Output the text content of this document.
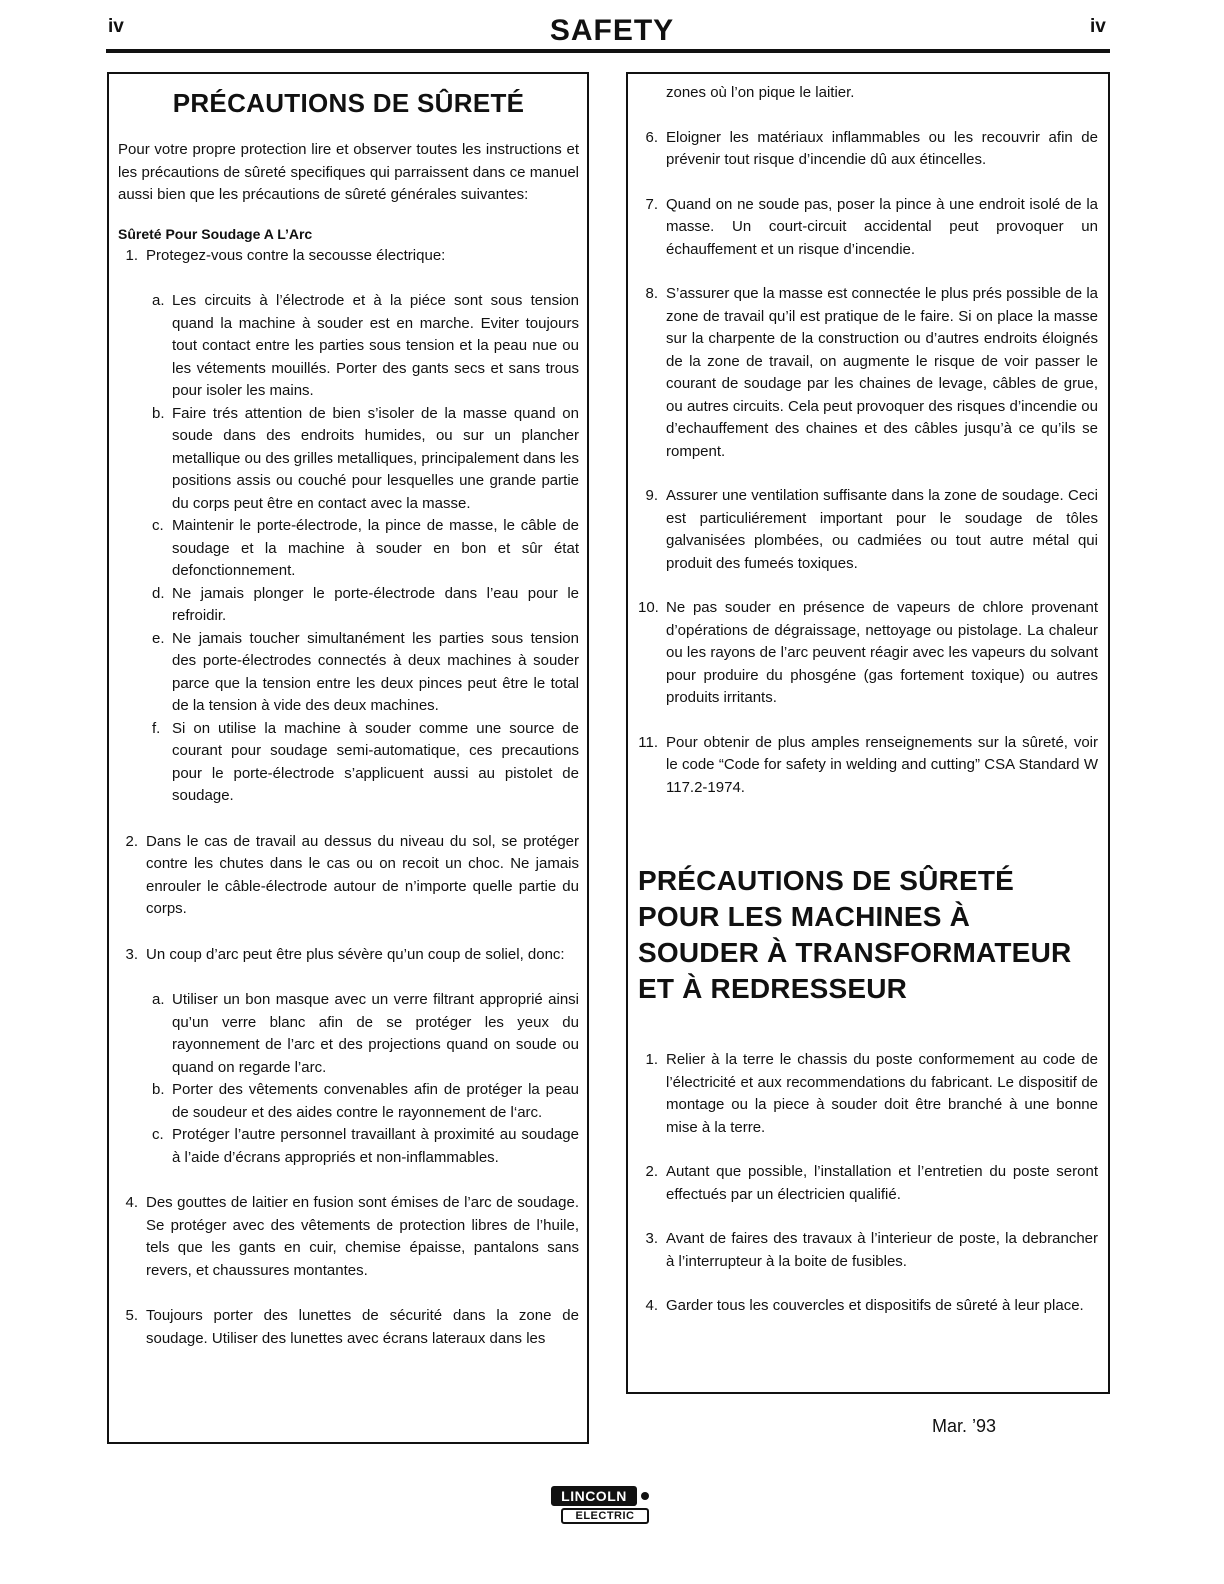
iv	SAFETY	iv
PRÉCAUTIONS DE SÛRETÉ

Pour votre propre protection lire et observer toutes les instructions et les précautions de sûreté specifiques qui parraissent dans ce manuel aussi bien que les précautions de sûreté générales suivantes:

Sûreté Pour Soudage A L’Arc
1. Protegez-vous contre la secousse électrique:
a. Les circuits à l’électrode et à la piéce sont sous tension quand la machine à souder est en marche. Eviter toujours tout contact entre les parties sous tension et la peau nue ou les vétements mouillés. Porter des gants secs et sans trous pour isoler les mains.
b. Faire trés attention de bien s’isoler de la masse quand on soude dans des endroits humides, ou sur un plancher metallique ou des grilles metalliques, principalement dans les positions assis ou couché pour lesquelles une grande partie du corps peut être en contact avec la masse.
c. Maintenir le porte-électrode, la pince de masse, le câble de soudage et la machine à souder en bon et sûr état defonctionnement.
d. Ne jamais plonger le porte-électrode dans l’eau pour le refroidir.
e. Ne jamais toucher simultanément les parties sous tension des porte-électrodes connectés à deux machines à souder parce que la tension entre les deux pinces peut être le total de la tension à vide des deux machines.
f. Si on utilise la machine à souder comme une source de courant pour soudage semi-automatique, ces precautions pour le porte-électrode s’applicuent aussi au pistolet de soudage.
2. Dans le cas de travail au dessus du niveau du sol, se protéger contre les chutes dans le cas ou on recoit un choc. Ne jamais enrouler le câble-électrode autour de n’importe quelle partie du corps.
3. Un coup d’arc peut être plus sévère qu’un coup de soliel, donc:
a. Utiliser un bon masque avec un verre filtrant approprié ainsi qu’un verre blanc afin de se protéger les yeux du rayonnement de l’arc et des projections quand on soude ou quand on regarde l’arc.
b. Porter des vêtements convenables afin de protéger la peau de soudeur et des aides contre le rayonnement de l‘arc.
c. Protéger l’autre personnel travaillant à proximité au soudage à l’aide d’écrans appropriés et non-inflammables.
4. Des gouttes de laitier en fusion sont émises de l’arc de soudage. Se protéger avec des vêtements de protection libres de l’huile, tels que les gants en cuir, chemise épaisse, pantalons sans revers, et chaussures montantes.
5. Toujours porter des lunettes de sécurité dans la zone de soudage. Utiliser des lunettes avec écrans lateraux dans les
zones où l’on pique le laitier.
6. Eloigner les matériaux inflammables ou les recouvrir afin de prévenir tout risque d’incendie dû aux étincelles.
7. Quand on ne soude pas, poser la pince à une endroit isolé de la masse. Un court-circuit accidental peut provoquer un échauffement et un risque d’incendie.
8. S’assurer que la masse est connectée le plus prés possible de la zone de travail qu’il est pratique de le faire. Si on place la masse sur la charpente de la construction ou d’autres endroits éloignés de la zone de travail, on augmente le risque de voir passer le courant de soudage par les chaines de levage, câbles de grue, ou autres circuits. Cela peut provoquer des risques d’incendie ou d’echauffement des chaines et des câbles jusqu’à ce qu’ils se rompent.
9. Assurer une ventilation suffisante dans la zone de soudage. Ceci est particuliérement important pour le soudage de tôles galvanisées plombées, ou cadmiées ou tout autre métal qui produit des fumeés toxiques.
10. Ne pas souder en présence de vapeurs de chlore provenant d’opérations de dégraissage, nettoyage ou pistolage. La chaleur ou les rayons de l’arc peuvent réagir avec les vapeurs du solvant pour produire du phosgéne (gas fortement toxique) ou autres produits irritants.
11. Pour obtenir de plus amples renseignements sur la sûreté, voir le code “Code for safety in welding and cutting” CSA Standard W 117.2-1974.
PRÉCAUTIONS DE SÛRETÉ POUR LES MACHINES À SOUDER À TRANSFORMATEUR ET À REDRESSEUR
1. Relier à la terre le chassis du poste conformement au code de l’électricité et aux recommendations du fabricant. Le dispositif de montage ou la piece à souder doit être branché à une bonne mise à la terre.
2. Autant que possible, l’installation et l’entretien du poste seront effectués par un électricien qualifié.
3. Avant de faires des travaux à l’interieur de poste, la debrancher à l’interrupteur à la boite de fusibles.
4. Garder tous les couvercles et dispositifs de sûreté à leur place.
Mar. ’93
LINCOLN
ELECTRIC
